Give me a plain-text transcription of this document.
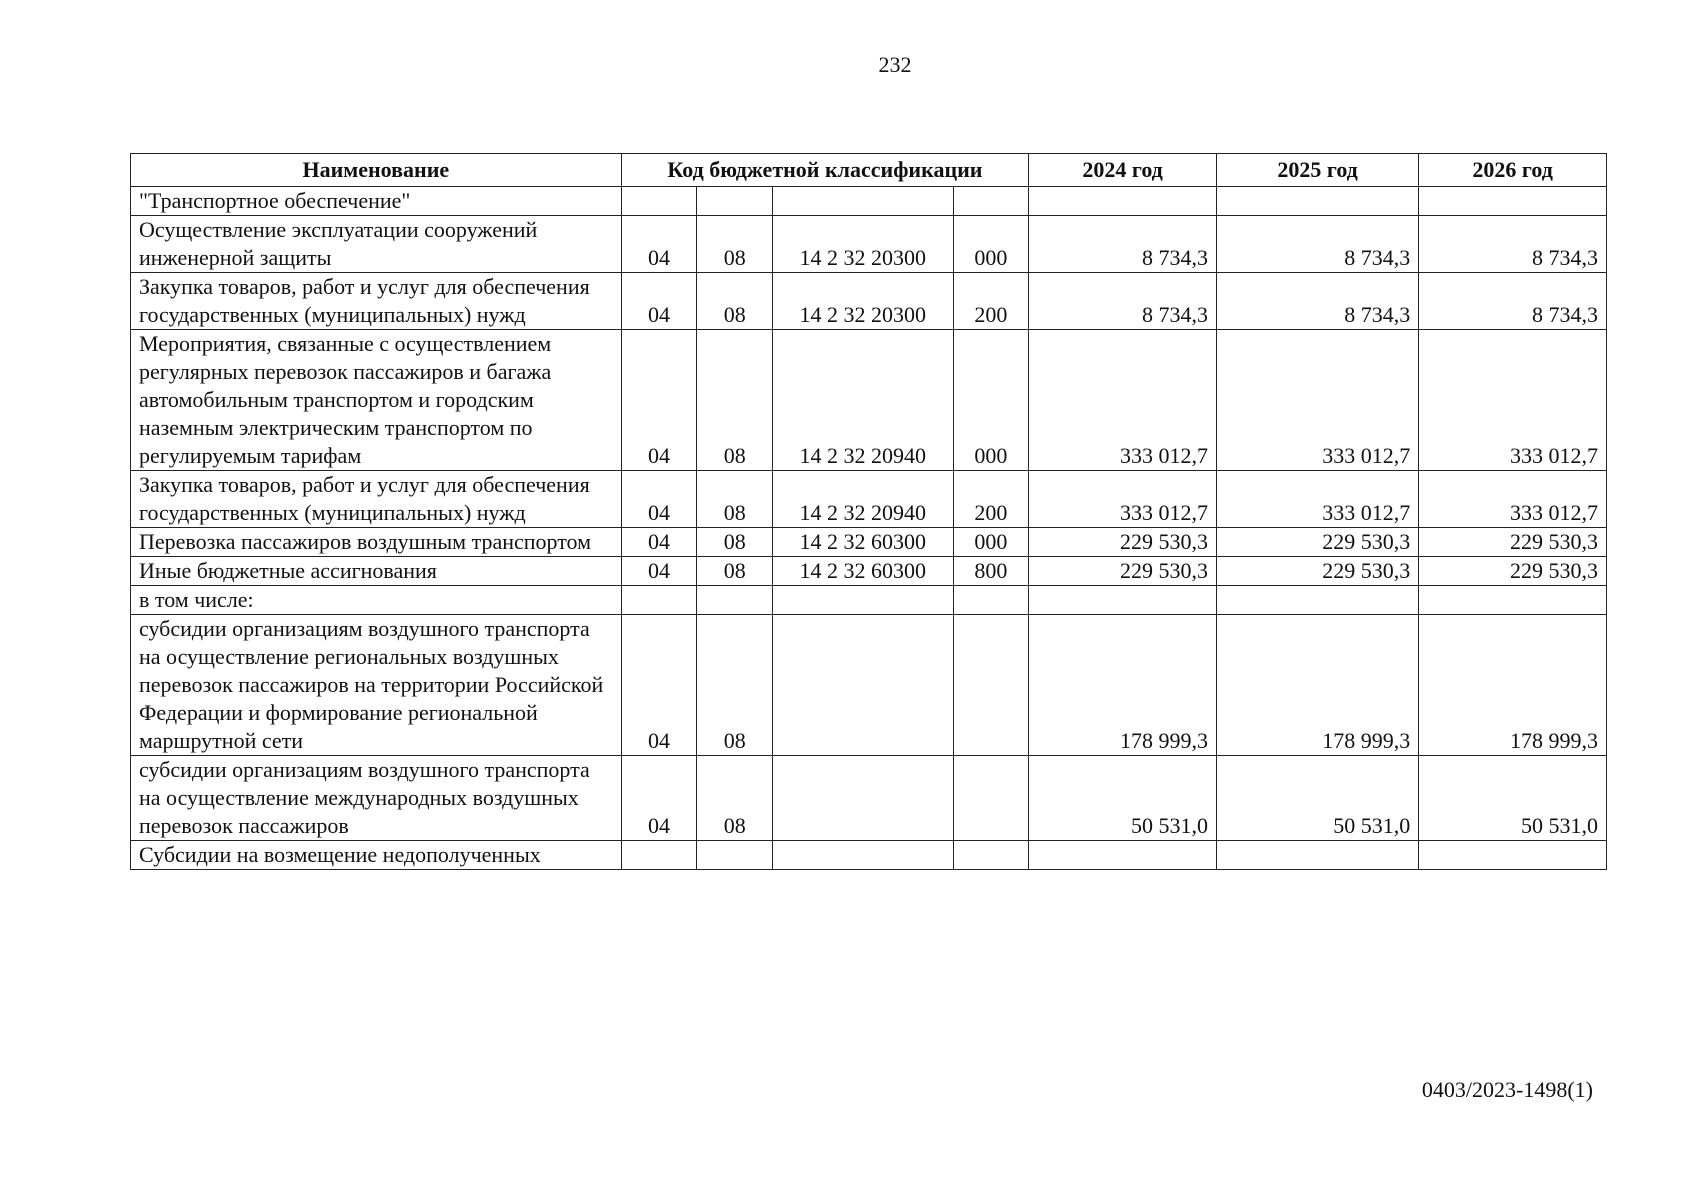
232
Наименование	Код бюджетной классификации				2024 год	2025 год	2026 год
"Транспортное обеспечение"							
Осуществление эксплуатации сооружений инженерной защиты	04	08	14 2 32 20300	000	8 734,3	8 734,3	8 734,3
Закупка товаров, работ и услуг для обеспечения государственных (муниципальных) нужд	04	08	14 2 32 20300	200	8 734,3	8 734,3	8 734,3
Мероприятия, связанные с осуществлением регулярных перевозок пассажиров и багажа автомобильным транспортом и городским наземным электрическим транспортом по регулируемым тарифам	04	08	14 2 32 20940	000	333 012,7	333 012,7	333 012,7
Закупка товаров, работ и услуг для обеспечения государственных (муниципальных) нужд	04	08	14 2 32 20940	200	333 012,7	333 012,7	333 012,7
Перевозка пассажиров воздушным транспортом	04	08	14 2 32 60300	000	229 530,3	229 530,3	229 530,3
Иные бюджетные ассигнования	04	08	14 2 32 60300	800	229 530,3	229 530,3	229 530,3
в том числе:							
субсидии организациям воздушного транспорта на осуществление региональных воздушных перевозок пассажиров на территории Российской Федерации и формирование региональной маршрутной сети	04	08			178 999,3	178 999,3	178 999,3
субсидии организациям воздушного транспорта на осуществление международных воздушных перевозок пассажиров	04	08			50 531,0	50 531,0	50 531,0
Субсидии на возмещение недополученных							
0403/2023-1498(1)
